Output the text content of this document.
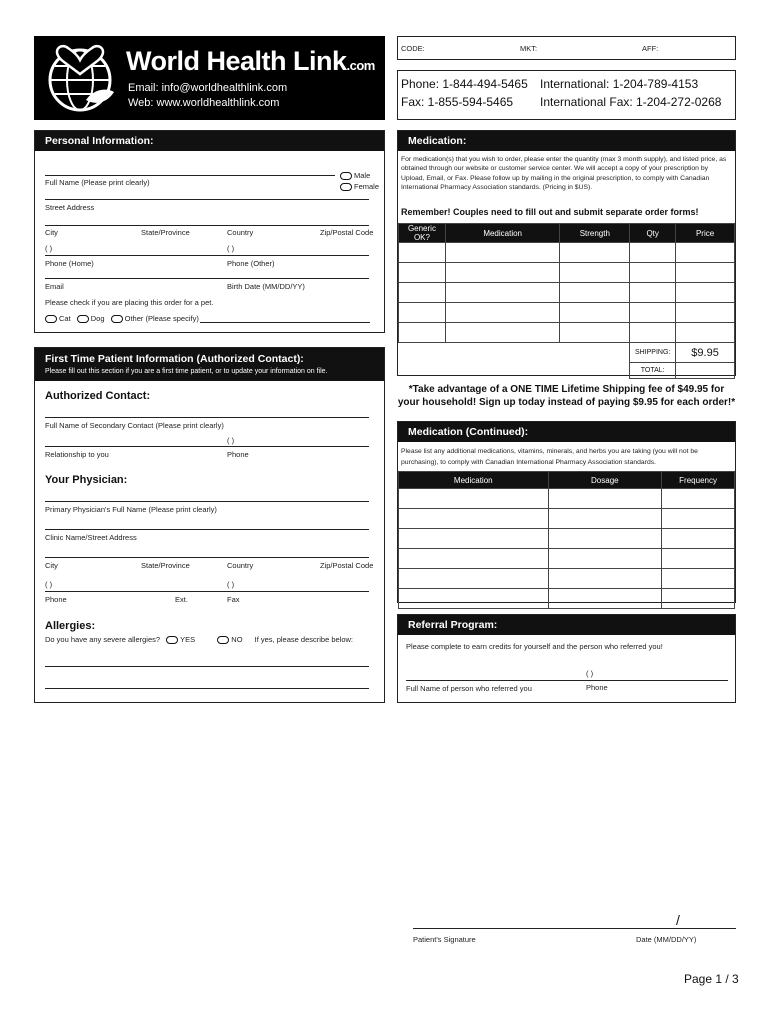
World Health Link.com
Email: info@worldhealthlink.com
Web: www.worldhealthlink.com
CODE:	MKT:	AFF:
Phone: 1-844-494-5465
Fax: 1-855-594-5465
International: 1-204-789-4153
International Fax: 1-204-272-0268
Personal Information:
Full Name (Please print clearly)
Male
Female
Street Address
City	State/Province	Country	Zip/Postal Code
( )	( )
Phone (Home)	Phone (Other)
Email	Birth Date (MM/DD/YY)
Please check if you are placing this order for a pet.
Cat	Dog	Other (Please specify)
First Time Patient Information (Authorized Contact):
Please fill out this section if you are a first time patient, or to update your information on file.
Authorized Contact:
Full Name of Secondary Contact (Please print clearly)
( )
Relationship to you	Phone
Your Physician:
Primary Physician's Full Name (Please print clearly)
Clinic Name/Street Address
City	State/Province	Country	Zip/Postal Code
( )	( )
Phone	Ext.	Fax
Allergies:
Do you have any severe allergies?	YES	NO If yes, please describe below:
Medication:
For medication(s) that you wish to order, please enter the quantity (max 3 month supply), and listed price, as obtained through our website or customer service center. We will accept a copy of your prescription by Upload, Email, or Fax. Please follow up by mailing in the original prescription, to comply with Canadian International Pharmacy Association standards. (Pricing in $US).
Remember! Couples need to fill out and submit separate order forms!
Generic OK?	Medication	Strength	Qty	Price

			SHIPPING:	$9.95
			TOTAL:	
*Take advantage of a ONE TIME Lifetime Shipping fee of $49.95 for your household! Sign up today instead of paying $9.95 for each order!*
Medication (Continued):
Please list any additional medications, vitamins, minerals, and herbs you are taking (you will not be purchasing), to comply with Canadian International Pharmacy Association standards.
Medication	Dosage	Frequency

Referral Program:
Please complete to earn credits for yourself and the person who referred you!
( )
Full Name of person who referred you	Phone
/
Patient's Signature	Date (MM/DD/YY)
Page 1 / 3
